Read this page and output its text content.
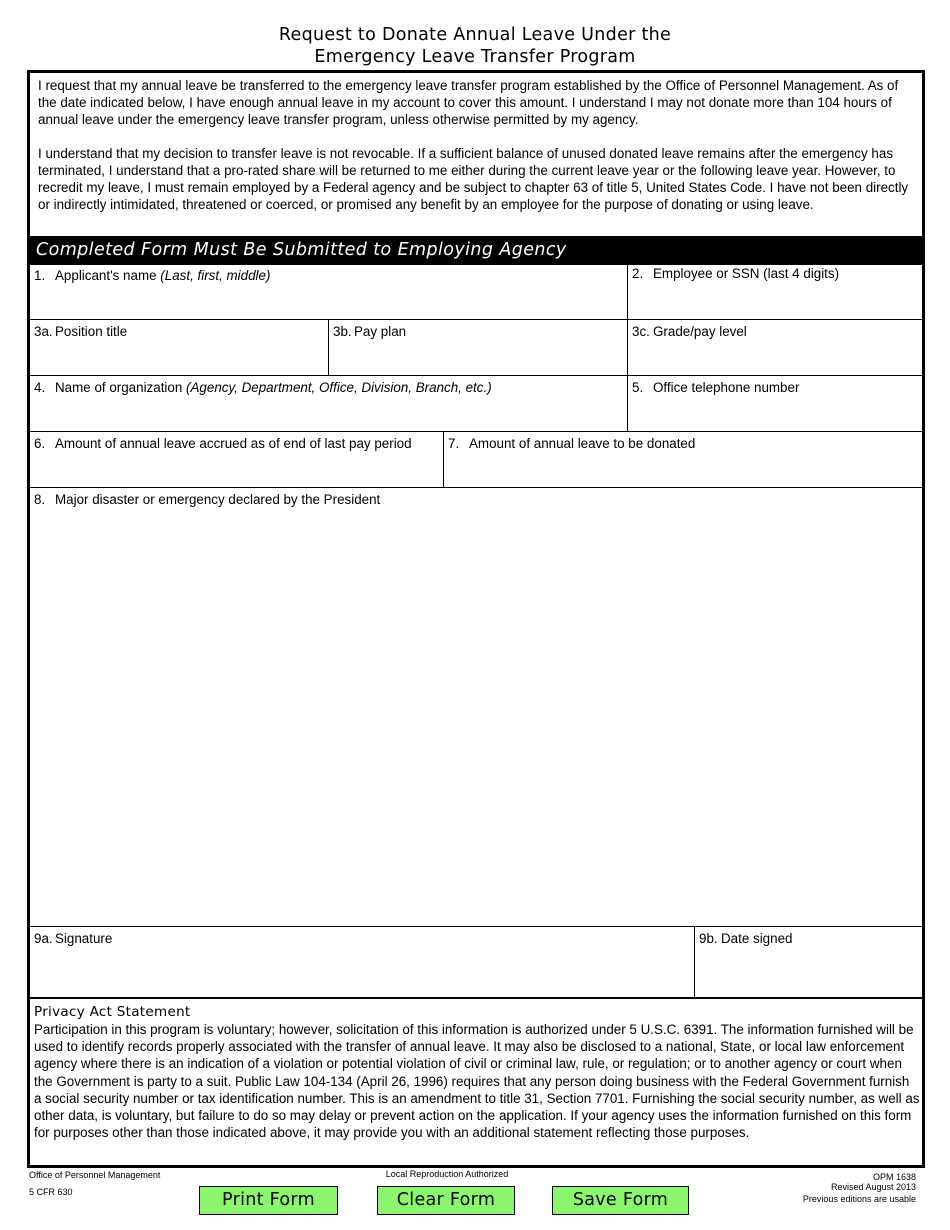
Request to Donate Annual Leave Under the
Emergency Leave Transfer Program

I request that my annual leave be transferred to the emergency leave transfer program established by the Office of Personnel Management. As of the date indicated below, I have enough annual leave in my account to cover this amount. I understand I may not donate more than 104 hours of annual leave under the emergency leave transfer program, unless otherwise permitted by my agency.

I understand that my decision to transfer leave is not revocable. If a sufficient balance of unused donated leave remains after the emergency has terminated, I understand that a pro-rated share will be returned to me either during the current leave year or the following leave year. However, to recredit my leave, I must remain employed by a Federal agency and be subject to chapter 63 of title 5, United States Code. I have not been directly or indirectly intimidated, threatened or coerced, or promised any benefit by an employee for the purpose of donating or using leave.

Completed Form Must Be Submitted to Employing Agency
1. Applicant's name (Last, first, middle)	2. Employee or SSN (last 4 digits)
3a. Position title	3b. Pay plan	3c. Grade/pay level
4. Name of organization (Agency, Department, Office, Division, Branch, etc.)	5. Office telephone number
6. Amount of annual leave accrued as of end of last pay period	7. Amount of annual leave to be donated
8. Major disaster or emergency declared by the President
9a. Signature	9b. Date signed
Privacy Act Statement
Participation in this program is voluntary; however, solicitation of this information is authorized under 5 U.S.C. 6391. The information furnished will be used to identify records properly associated with the transfer of annual leave. It may also be disclosed to a national, State, or local law enforcement agency where there is an indication of a violation or potential violation of civil or criminal law, rule, or regulation; or to another agency or court when the Government is party to a suit. Public Law 104-134 (April 26, 1996) requires that any person doing business with the Federal Government furnish a social security number or tax identification number. This is an amendment to title 31, Section 7701. Furnishing the social security number, as well as other data, is voluntary, but failure to do so may delay or prevent action on the application. If your agency uses the information furnished on this form for purposes other than those indicated above, it may provide you with an additional statement reflecting those purposes.
Office of Personnel Management
5 CFR 630
Local Reproduction Authorized	OPM 1638
Revised August 2013
Previous editions are usable
Print Form	Clear Form	Save Form
